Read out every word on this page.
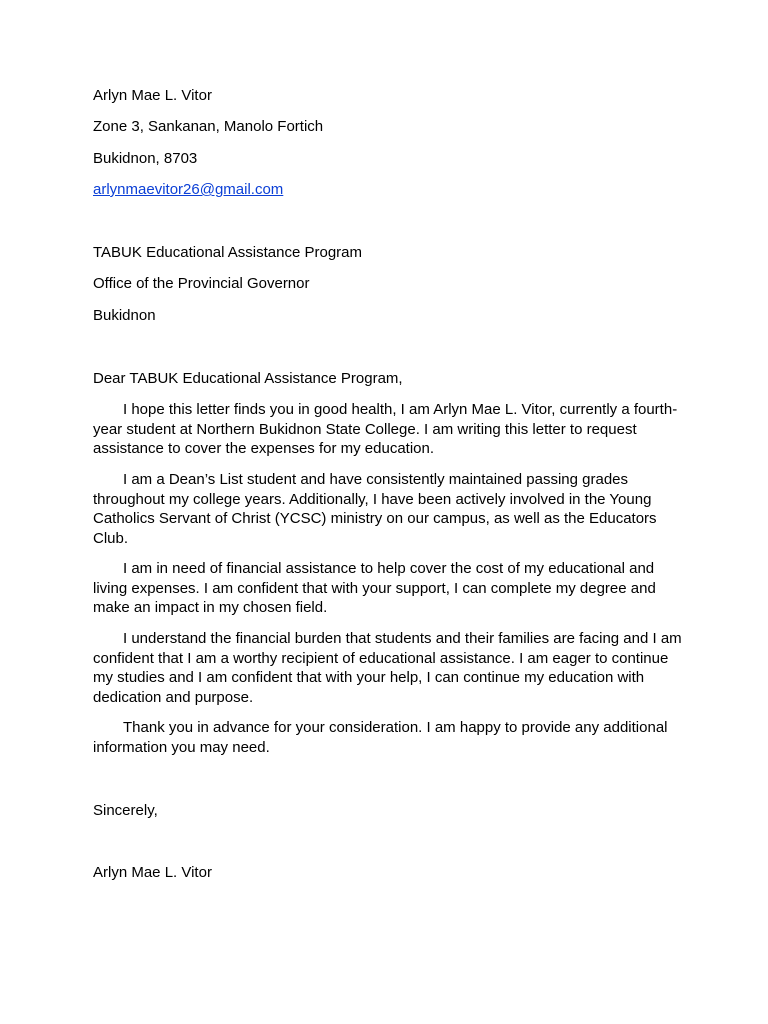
Arlyn Mae L. Vitor
Zone 3, Sankanan, Manolo Fortich
Bukidnon, 8703
arlynmaevitor26@gmail.com
TABUK Educational Assistance Program
Office of the Provincial Governor
Bukidnon
Dear TABUK Educational Assistance Program,

I hope this letter finds you in good health, I am Arlyn Mae L. Vitor, currently a fourth-year student at Northern Bukidnon State College. I am writing this letter to request assistance to cover the expenses for my education.

I am a Dean’s List student and have consistently maintained passing grades throughout my college years. Additionally, I have been actively involved in the Young Catholics Servant of Christ (YCSC) ministry on our campus, as well as the Educators Club.

I am in need of financial assistance to help cover the cost of my educational and living expenses. I am confident that with your support, I can complete my degree and make an impact in my chosen field.

I understand the financial burden that students and their families are facing and I am confident that I am a worthy recipient of educational assistance. I am eager to continue my studies and I am confident that with your help, I can continue my education with dedication and purpose.

Thank you in advance for your consideration. I am happy to provide any additional information you may need.

Sincerely,
Arlyn Mae L. Vitor
